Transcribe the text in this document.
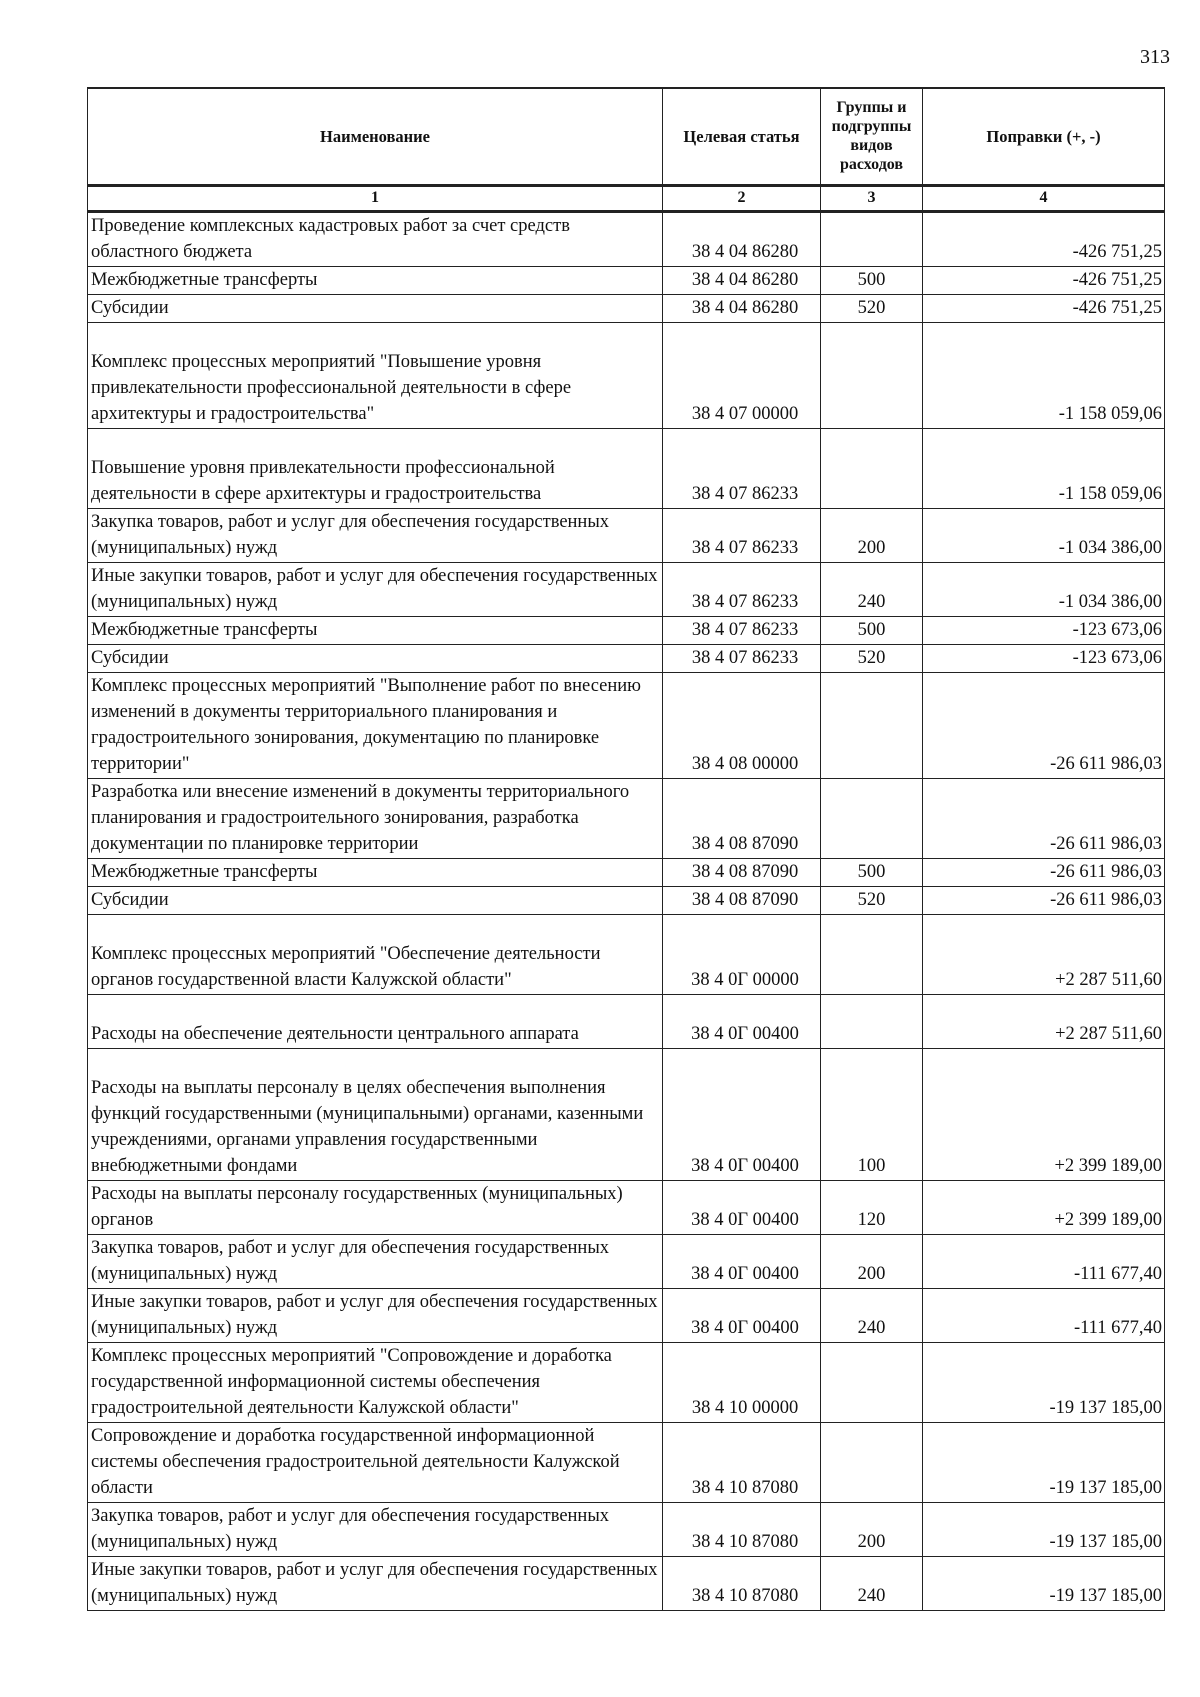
313
Наименование	Целевая статья	Группы и подгруппы видов расходов	Поправки (+, -)
1	2	3	4
Проведение комплексных кадастровых работ за счет средств областного бюджета	38 4 04 86280		-426 751,25
Межбюджетные трансферты	38 4 04 86280	500	-426 751,25
Субсидии	38 4 04 86280	520	-426 751,25
Комплекс процессных мероприятий "Повышение уровня привлекательности профессиональной деятельности в сфере архитектуры и градостроительства"	38 4 07 00000		-1 158 059,06
Повышение уровня привлекательности профессиональной деятельности в сфере архитектуры и градостроительства	38 4 07 86233		-1 158 059,06
Закупка товаров, работ и услуг для обеспечения государственных (муниципальных) нужд	38 4 07 86233	200	-1 034 386,00
Иные закупки товаров, работ и услуг для обеспечения государственных (муниципальных) нужд	38 4 07 86233	240	-1 034 386,00
Межбюджетные трансферты	38 4 07 86233	500	-123 673,06
Субсидии	38 4 07 86233	520	-123 673,06
Комплекс процессных мероприятий "Выполнение работ по внесению изменений в документы территориального планирования и градостроительного зонирования, документацию по планировке территории"	38 4 08 00000		-26 611 986,03
Разработка или внесение изменений в документы территориального планирования и градостроительного зонирования, разработка документации по планировке территории	38 4 08 87090		-26 611 986,03
Межбюджетные трансферты	38 4 08 87090	500	-26 611 986,03
Субсидии	38 4 08 87090	520	-26 611 986,03
Комплекс процессных мероприятий "Обеспечение деятельности органов государственной власти Калужской области"	38 4 0Г 00000		+2 287 511,60
Расходы на обеспечение деятельности центрального аппарата	38 4 0Г 00400		+2 287 511,60
Расходы на выплаты персоналу в целях обеспечения выполнения функций государственными (муниципальными) органами, казенными учреждениями, органами управления государственными внебюджетными фондами	38 4 0Г 00400	100	+2 399 189,00
Расходы на выплаты персоналу государственных (муниципальных) органов	38 4 0Г 00400	120	+2 399 189,00
Закупка товаров, работ и услуг для обеспечения государственных (муниципальных) нужд	38 4 0Г 00400	200	-111 677,40
Иные закупки товаров, работ и услуг для обеспечения государственных (муниципальных) нужд	38 4 0Г 00400	240	-111 677,40
Комплекс процессных мероприятий "Сопровождение и доработка государственной информационной системы обеспечения градостроительной деятельности Калужской области"	38 4 10 00000		-19 137 185,00
Сопровождение и доработка государственной информационной системы обеспечения градостроительной деятельности Калужской области	38 4 10 87080		-19 137 185,00
Закупка товаров, работ и услуг для обеспечения государственных (муниципальных) нужд	38 4 10 87080	200	-19 137 185,00
Иные закупки товаров, работ и услуг для обеспечения государственных (муниципальных) нужд	38 4 10 87080	240	-19 137 185,00
